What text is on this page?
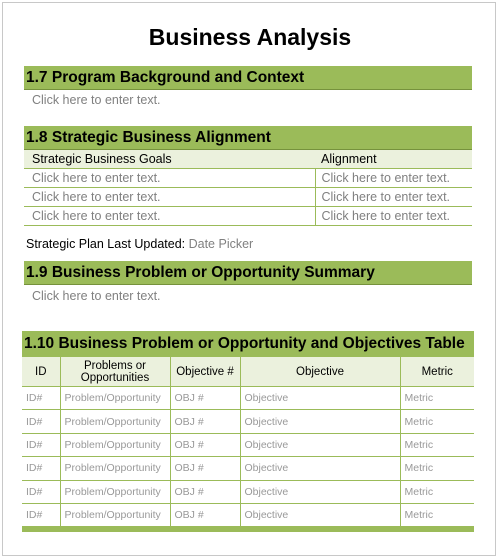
Business Analysis
1.7 Program Background and Context
Click here to enter text.
1.8 Strategic Business Alignment
Strategic Business Goals	Alignment
Click here to enter text.	Click here to enter text.
Click here to enter text.	Click here to enter text.
Click here to enter text.	Click here to enter text.
Strategic Plan Last Updated: Date Picker
1.9 Business Problem or Opportunity Summary
Click here to enter text.
1.10 Business Problem or Opportunity and Objectives Table
ID	Problems or Opportunities	Objective #	Objective	Metric
ID#	Problem/Opportunity	OBJ #	Objective	Metric
ID#	Problem/Opportunity	OBJ #	Objective	Metric
ID#	Problem/Opportunity	OBJ #	Objective	Metric
ID#	Problem/Opportunity	OBJ #	Objective	Metric
ID#	Problem/Opportunity	OBJ #	Objective	Metric
ID#	Problem/Opportunity	OBJ #	Objective	Metric
